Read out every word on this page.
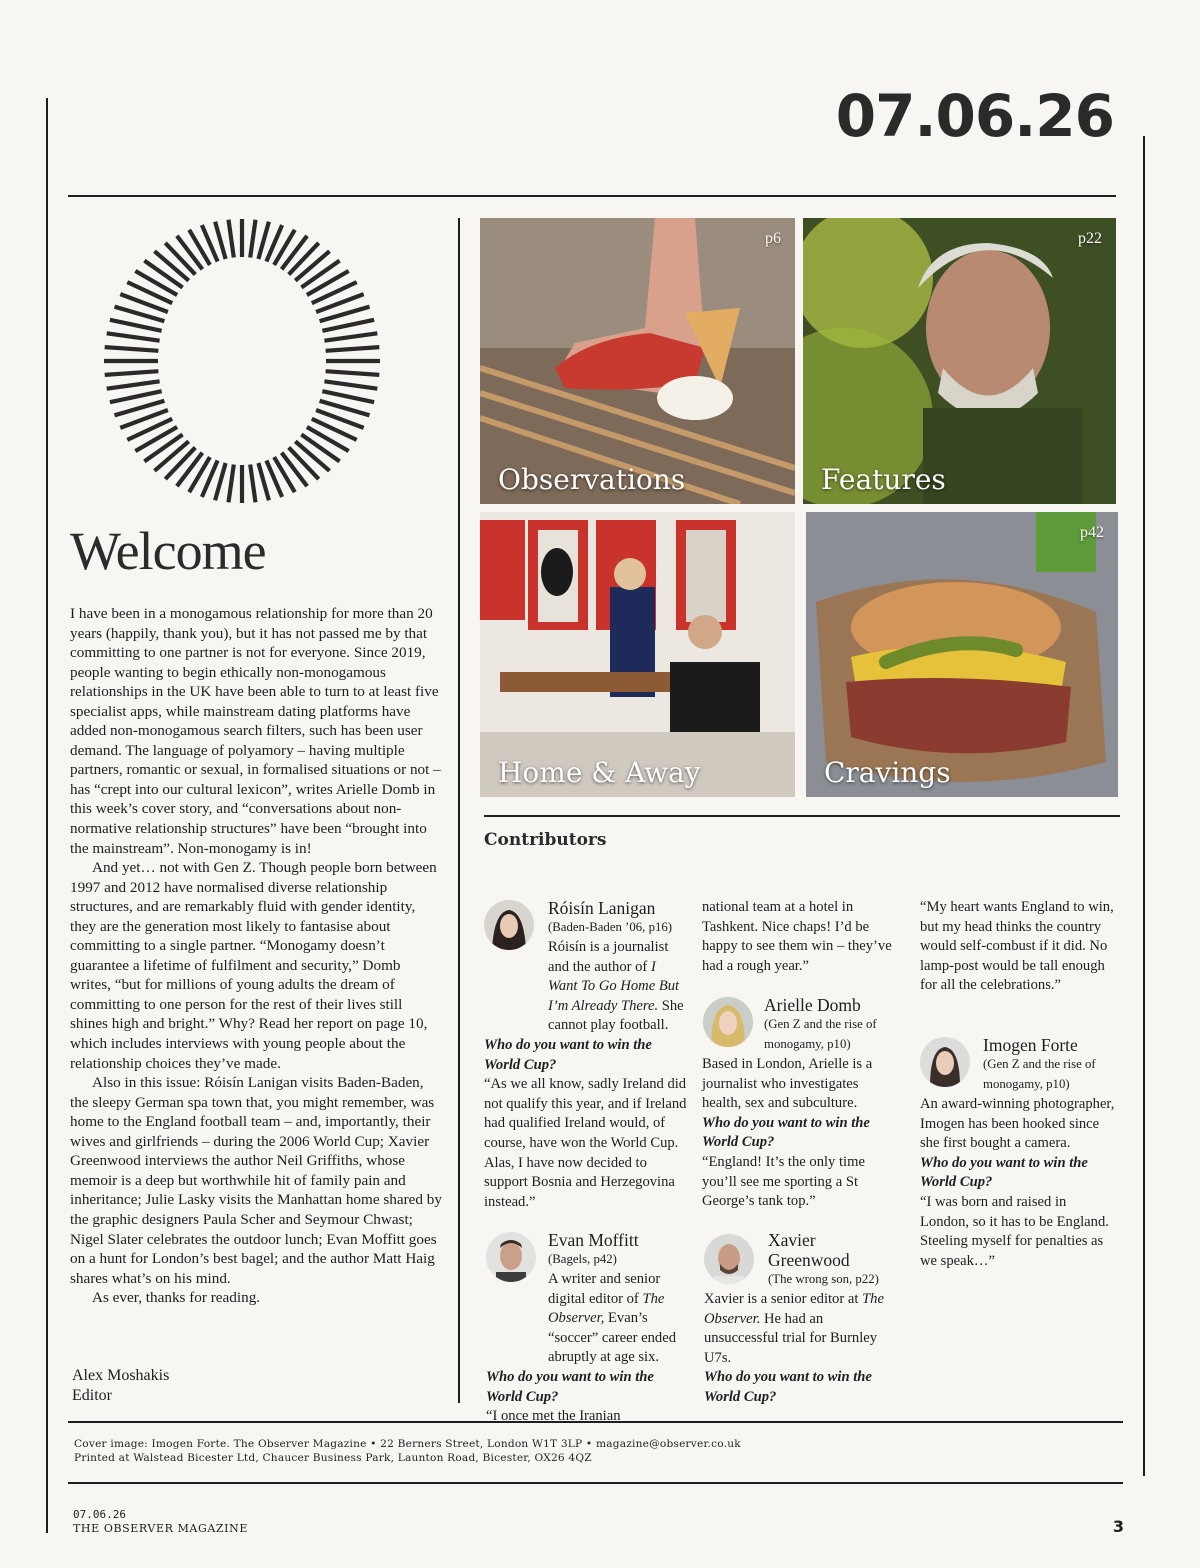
07.06.26
Welcome

I have been in a monogamous relationship for more than 20 years (happily, thank you), but it has not passed me by that committing to one partner is not for everyone. Since 2019, people wanting to begin ethically non-monogamous relationships in the UK have been able to turn to at least five specialist apps, while mainstream dating platforms have added non-monogamous search filters, such has been user demand. The language of polyamory – having multiple partners, romantic or sexual, in formalised situations or not – has “crept into our cultural lexicon”, writes Arielle Domb in this week’s cover story, and “conversations about non-normative relationship structures” have been “brought into the mainstream”. Non-monogamy is in!

And yet… not with Gen Z. Though people born between 1997 and 2012 have normalised diverse relationship structures, and are remarkably fluid with gender identity, they are the generation most likely to fantasise about committing to a single partner. “Monogamy doesn’t guarantee a lifetime of fulfilment and security,” Domb writes, “but for millions of young adults the dream of committing to one person for the rest of their lives still shines high and bright.” Why? Read her report on page 10, which includes interviews with young people about the relationship choices they’ve made.

Also in this issue: Róisín Lanigan visits Baden-Baden, the sleepy German spa town that, you might remember, was home to the England football team – and, importantly, their wives and girlfriends – during the 2006 World Cup; Xavier Greenwood interviews the author Neil Griffiths, whose memoir is a deep but worthwhile hit of family pain and inheritance; Julie Lasky visits the Manhattan home shared by the graphic designers Paula Scher and Seymour Chwast; Nigel Slater celebrates the outdoor lunch; Evan Moffitt goes on a hunt for London’s best bagel; and the author Matt Haig shares what’s on his mind.

As ever, thanks for reading.

Alex Moshakis
Editor
p6
Observations
p22
Features
Home & Away
p42
Cravings
Contributors
Róisín Lanigan
(Baden-Baden ’06, p16)
Róisín is a journalist and the author of I Want To Go Home But I’m Already There. She cannot play football.
Who do you want to win the World Cup?
“As we all know, sadly Ireland did not qualify this year, and if Ireland had qualified Ireland would, of course, have won the World Cup. Alas, I have now decided to support Bosnia and Herzegovina instead.”
Evan Moffitt
(Bagels, p42)
A writer and senior digital editor of The Observer, Evan’s “soccer” career ended abruptly at age six.
Who do you want to win the World Cup?
“I once met the Iranian
national team at a hotel in Tashkent. Nice chaps! I’d be happy to see them win – they’ve had a rough year.”
Arielle Domb
(Gen Z and the rise of monogamy, p10)
Based in London, Arielle is a journalist who investigates health, sex and subculture.
Who do you want to win the World Cup?
“England! It’s the only time you’ll see me sporting a St George’s tank top.”
Xavier Greenwood
(The wrong son, p22)
Xavier is a senior editor at The Observer. He had an unsuccessful trial for Burnley U7s.
Who do you want to win the World Cup?
“My heart wants England to win, but my head thinks the country would self-combust if it did. No lamp-post would be tall enough for all the celebrations.”
Imogen Forte
(Gen Z and the rise of monogamy, p10)
An award-winning photographer, Imogen has been hooked since she first bought a camera.
Who do you want to win the World Cup?
“I was born and raised in London, so it has to be England. Steeling myself for penalties as we speak…”
Cover image: Imogen Forte. The Observer Magazine • 22 Berners Street, London W1T 3LP • magazine@observer.co.uk
Printed at Walstead Bicester Ltd, Chaucer Business Park, Launton Road, Bicester, OX26 4QZ
07.06.26
THE OBSERVER MAGAZINE	3
